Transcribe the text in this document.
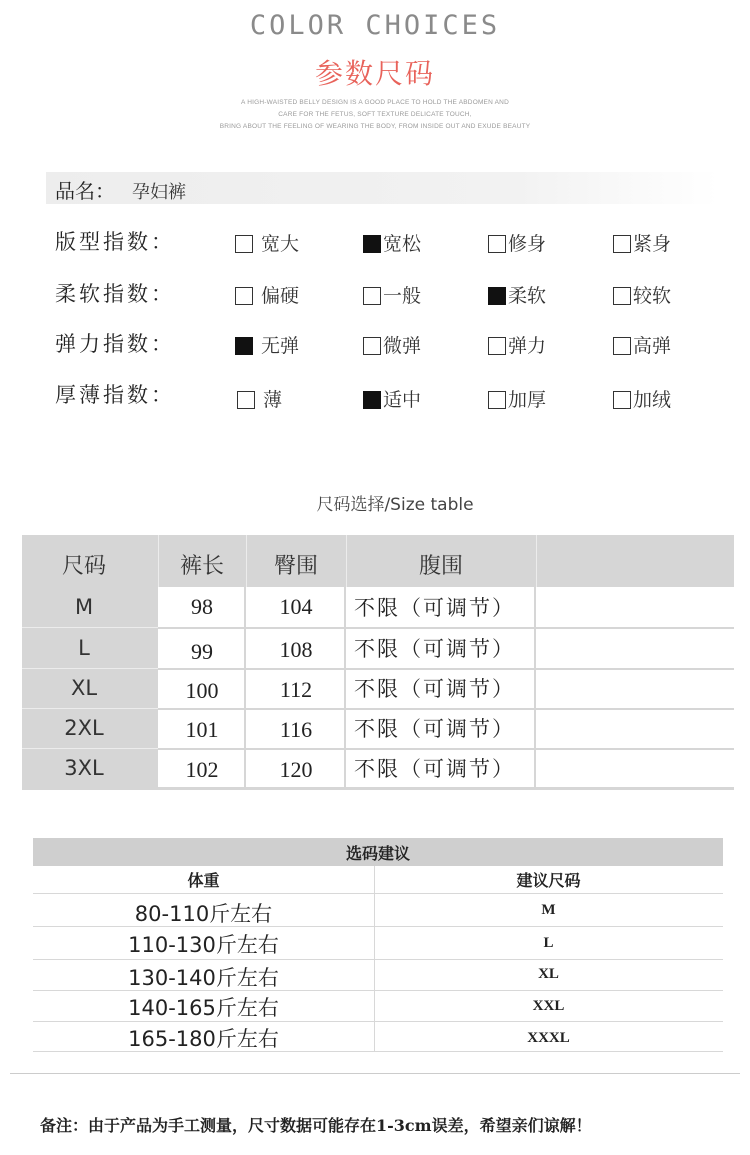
COLOR CHOICES
参数尺码
A HIGH-WAISTED BELLY DESIGN IS A GOOD PLACE TO HOLD THE ABDOMEN AND
CARE FOR THE FETUS, SOFT TEXTURE DELICATE TOUCH,
BRING ABOUT THE FEELING OF WEARING THE BODY, FROM INSIDE OUT AND EXUDE BEAUTY
品名： 孕妇裤
版型指数：	宽大	宽松	修身	紧身
柔软指数：	偏硬	一般	柔软	较软
弹力指数：	无弹	微弹	弹力	高弹
厚薄指数：	薄	适中	加厚	加绒
尺码选择/Size table
尺码	裤长	臀围	腹围
M	98	104	不限（可调节）
L	99	108	不限（可调节）
XL	100	112	不限（可调节）
2XL	101	116	不限（可调节）
3XL	102	120	不限（可调节）
选码建议
体重	建议尺码
80-110斤左右	M
110-130斤左右	L
130-140斤左右	XL
140-165斤左右	XXL
165-180斤左右	XXXL
备注：由于产品为手工测量，尺寸数据可能存在1-3cm误差，希望亲们谅解！
